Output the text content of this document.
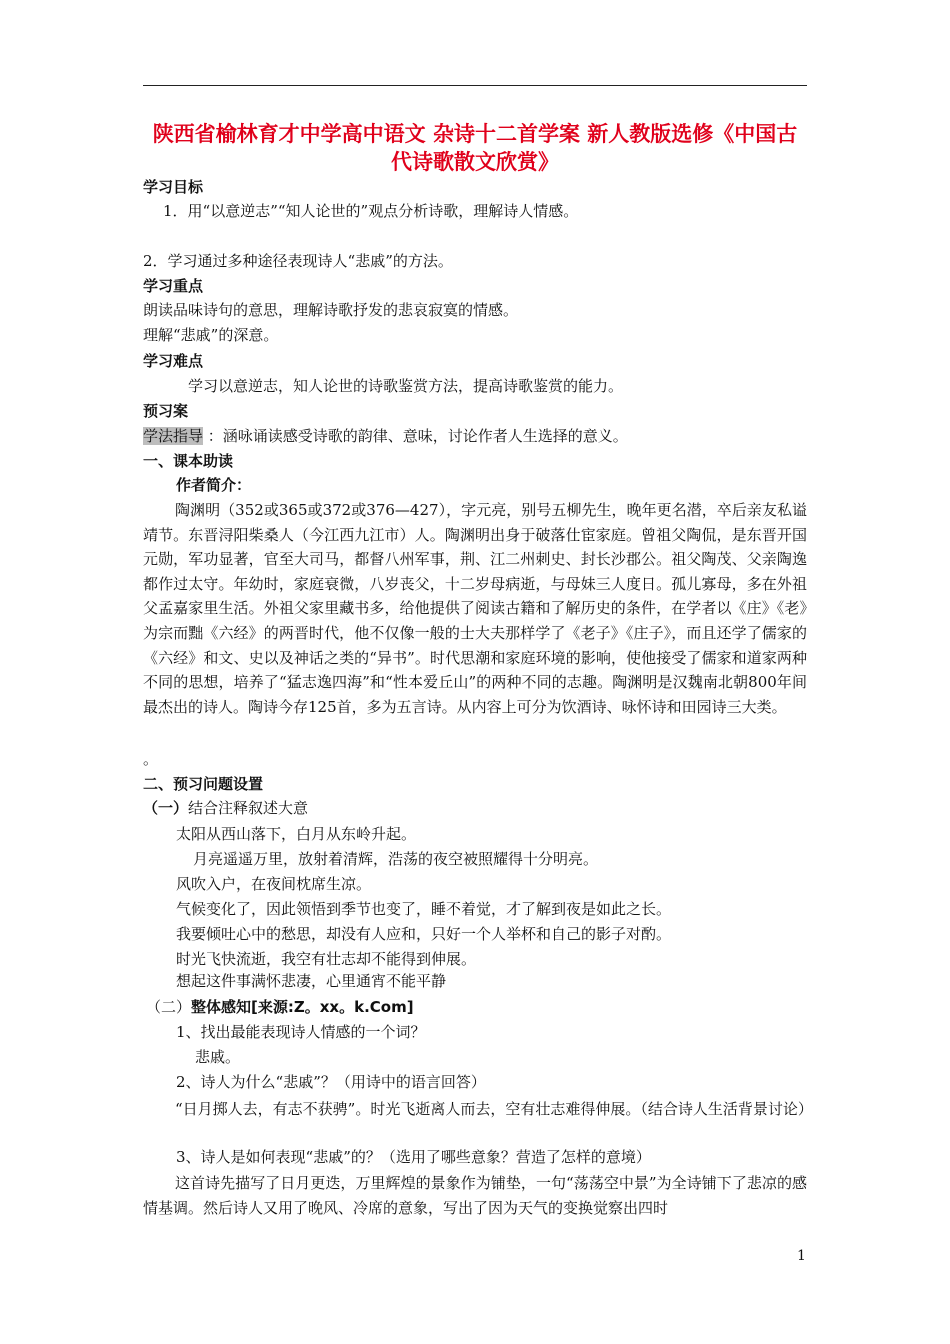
陕西省榆林育才中学高中语文 杂诗十二首学案 新人教版选修《中国古代诗歌散文欣赏》
学习目标
1．用“以意逆志”“知人论世的”观点分析诗歌，理解诗人情感。
2．学习通过多种途径表现诗人“悲戚”的方法。
学习重点
朗读品味诗句的意思，理解诗歌抒发的悲哀寂寞的情感。
理解“悲戚”的深意。
学习难点
学习以意逆志，知人论世的诗歌鉴赏方法，提高诗歌鉴赏的能力。
预习案
学法指导 ：涵咏诵读感受诗歌的韵律、意味，讨论作者人生选择的意义。
一、课本助读
作者简介：

陶渊明（352或365或372或376—427），字元亮，别号五柳先生，晚年更名潜，卒后亲友私谥靖节。东晋浔阳柴桑人（今江西九江市）人。陶渊明出身于破落仕宦家庭。曾祖父陶侃，是东晋开国元勋，军功显著，官至大司马，都督八州军事，荆、江二州刺史、封长沙郡公。祖父陶茂、父亲陶逸都作过太守。年幼时，家庭衰微，八岁丧父，十二岁母病逝，与母妹三人度日。孤儿寡母，多在外祖父孟嘉家里生活。外祖父家里藏书多，给他提供了阅读古籍和了解历史的条件，在学者以《庄》《老》为宗而黜《六经》的两晋时代，他不仅像一般的士大夫那样学了《老子》《庄子》，而且还学了儒家的《六经》和文、史以及神话之类的“异书”。时代思潮和家庭环境的影响，使他接受了儒家和道家两种不同的思想，培养了“猛志逸四海”和“性本爱丘山”的两种不同的志趣。陶渊明是汉魏南北朝800年间最杰出的诗人。陶诗今存125首，多为五言诗。从内容上可分为饮酒诗、咏怀诗和田园诗三大类。

。
二、预习问题设置
（一）结合注释叙述大意
太阳从西山落下，白月从东岭升起。
月亮遥遥万里，放射着清辉，浩荡的夜空被照耀得十分明亮。
风吹入户，在夜间枕席生凉。
气候变化了，因此领悟到季节也变了，睡不着觉，才了解到夜是如此之长。
我要倾吐心中的愁思，却没有人应和，只好一个人举杯和自己的影子对酌。
时光飞快流逝，我空有壮志却不能得到伸展。
想起这件事满怀悲凄，心里通宵不能平静
（二）整体感知[来源:Z。xx。k.Com]
1、找出最能表现诗人情感的一个词？
悲戚。
2、诗人为什么“悲戚”？（用诗中的语言回答）

“日月掷人去，有志不获骋”。时光飞逝离人而去，空有壮志难得伸展。（结合诗人生活背景讨论）

3、诗人是如何表现“悲戚”的？（选用了哪些意象？营造了怎样的意境）

这首诗先描写了日月更迭，万里辉煌的景象作为铺垫，一句“荡荡空中景”为全诗铺下了悲凉的感情基调。然后诗人又用了晚风、冷席的意象，写出了因为天气的变换觉察出四时

1
